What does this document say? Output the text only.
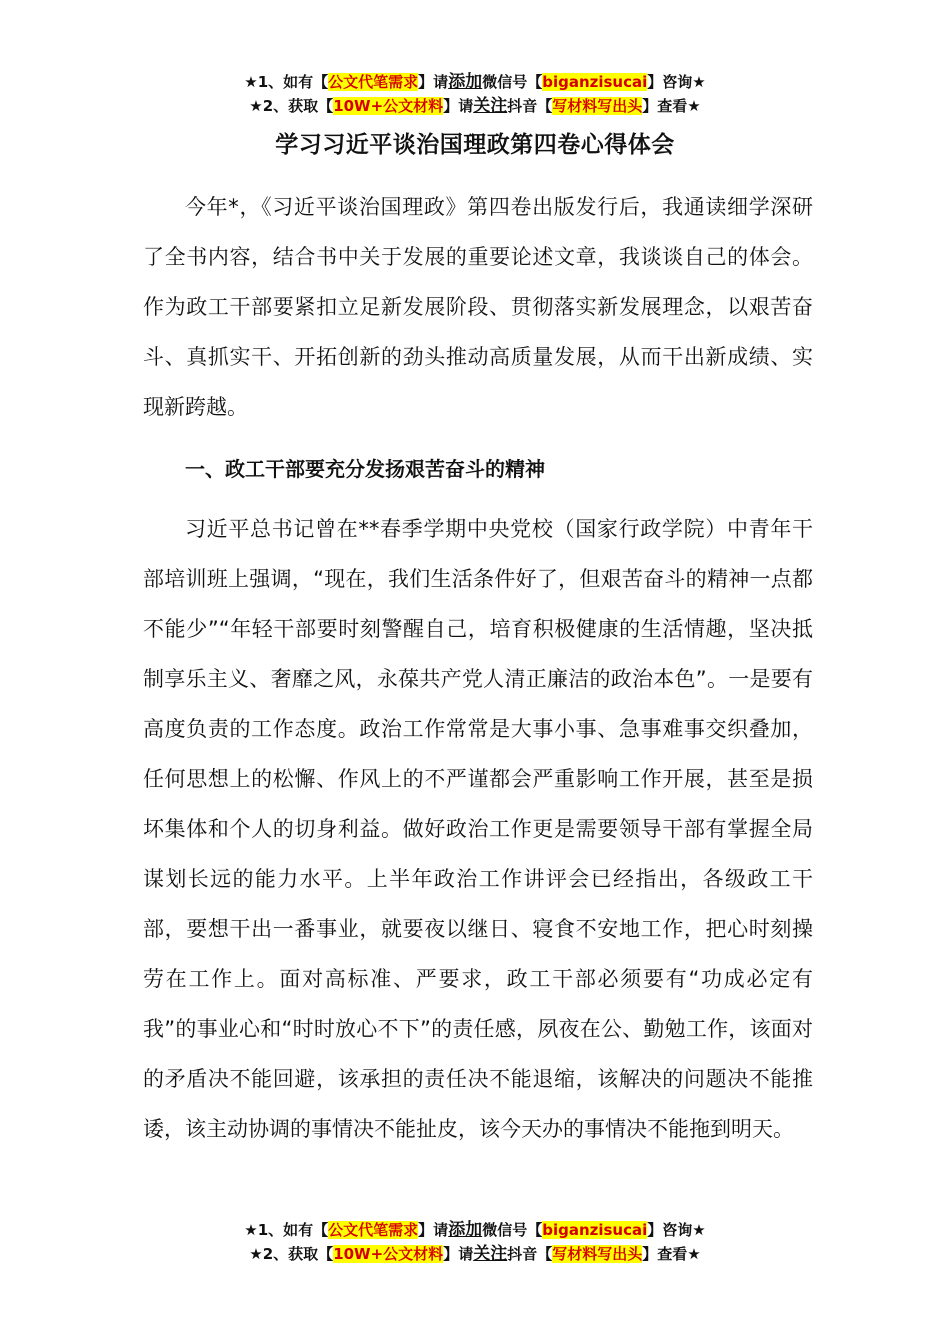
★1、如有【公文代笔需求】请添加微信号【biganzisucai】咨询★
★2、获取【10W+公文材料】请关注抖音【写材料写出头】查看★
学习习近平谈治国理政第四卷心得体会

今年*，《习近平谈治国理政》第四卷出版发行后，我通读细学深研了全书内容，结合书中关于发展的重要论述文章，我谈谈自己的体会。作为政工干部要紧扣立足新发展阶段、贯彻落实新发展理念，以艰苦奋斗、真抓实干、开拓创新的劲头推动高质量发展，从而干出新成绩、实现新跨越。

一、政工干部要充分发扬艰苦奋斗的精神

习近平总书记曾在**春季学期中央党校（国家行政学院）中青年干部培训班上强调，“现在，我们生活条件好了，但艰苦奋斗的精神一点都不能少”“年轻干部要时刻警醒自己，培育积极健康的生活情趣，坚决抵制享乐主义、奢靡之风，永葆共产党人清正廉洁的政治本色”。一是要有高度负责的工作态度。政治工作常常是大事小事、急事难事交织叠加，任何思想上的松懈、作风上的不严谨都会严重影响工作开展，甚至是损坏集体和个人的切身利益。做好政治工作更是需要领导干部有掌握全局谋划长远的能力水平。上半年政治工作讲评会已经指出，各级政工干部，要想干出一番事业，就要夜以继日、寝食不安地工作，把心时刻操劳在工作上。面对高标准、严要求，政工干部必须要有“功成必定有我”的事业心和“时时放心不下”的责任感，夙夜在公、勤勉工作，该面对的矛盾决不能回避，该承担的责任决不能退缩，该解决的问题决不能推诿，该主动协调的事情决不能扯皮，该今天办的事情决不能拖到明天。

★1、如有【公文代笔需求】请添加微信号【biganzisucai】咨询★
★2、获取【10W+公文材料】请关注抖音【写材料写出头】查看★
